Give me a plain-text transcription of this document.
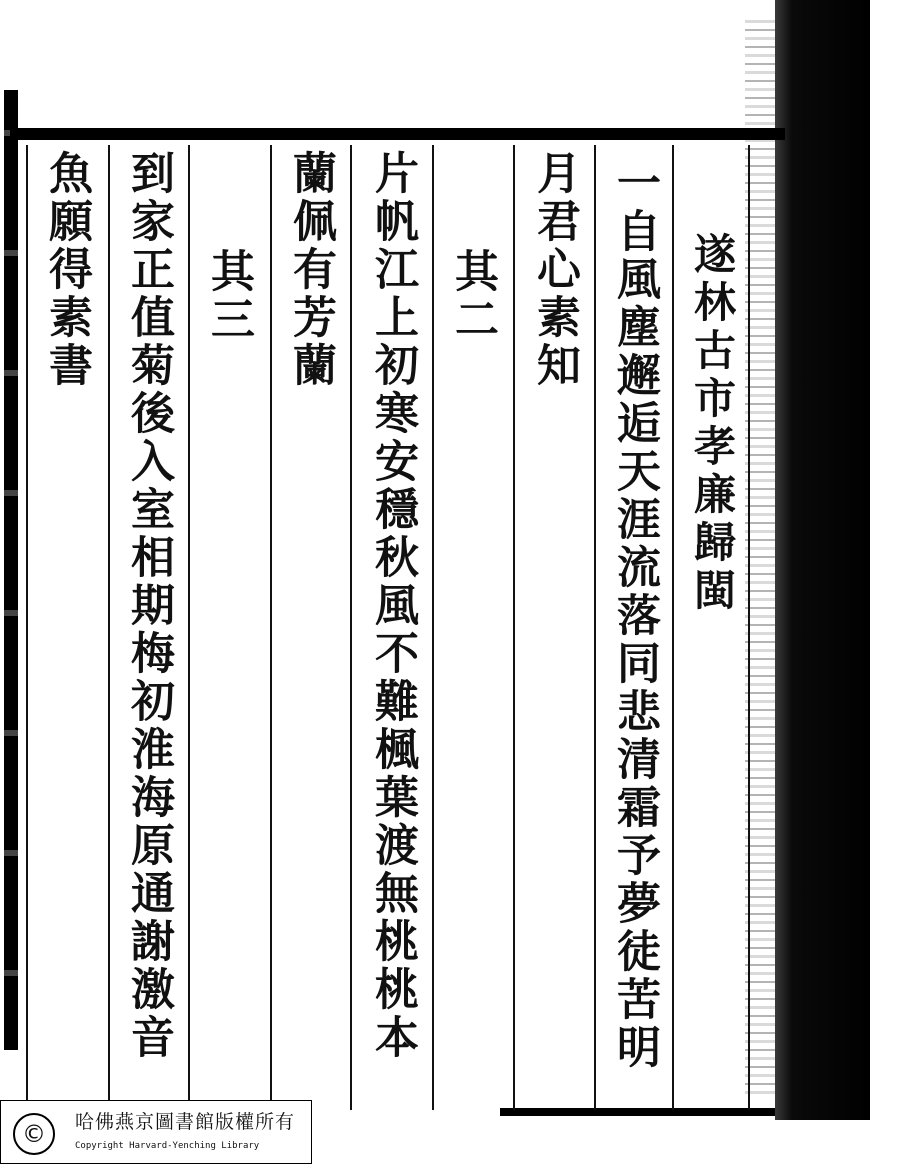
遂林古市孝廉歸閩
一自風塵邂逅天涯流落同悲清霜予夢徒苦明
月君心素知
其二
片帆江上初寒安穩秋風不難楓葉渡無桃桃本
蘭佩有芳蘭
其三
到家正值菊後入室相期梅初淮海原通謝激音
魚願得素書
©	哈佛燕京圖書館版權所有
Copyright Harvard-Yenching Library
